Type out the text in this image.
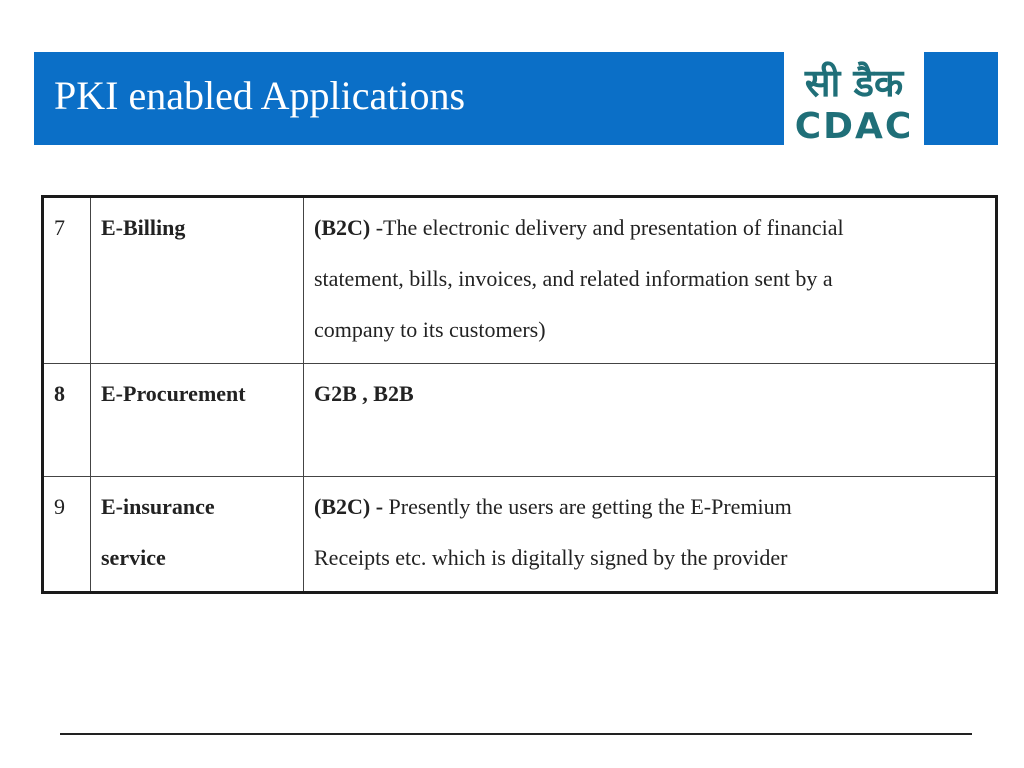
PKI enabled Applications	सी डैक
CDAC
7	E-Billing	(B2C) -The electronic delivery and presentation of financial
statement, bills, invoices, and related information sent by a
company to its customers)

8	E-Procurement	G2B , B2B

9	E-insurance
service	(B2C) - Presently the users are getting the E-Premium
Receipts etc. which is digitally signed by the provider
